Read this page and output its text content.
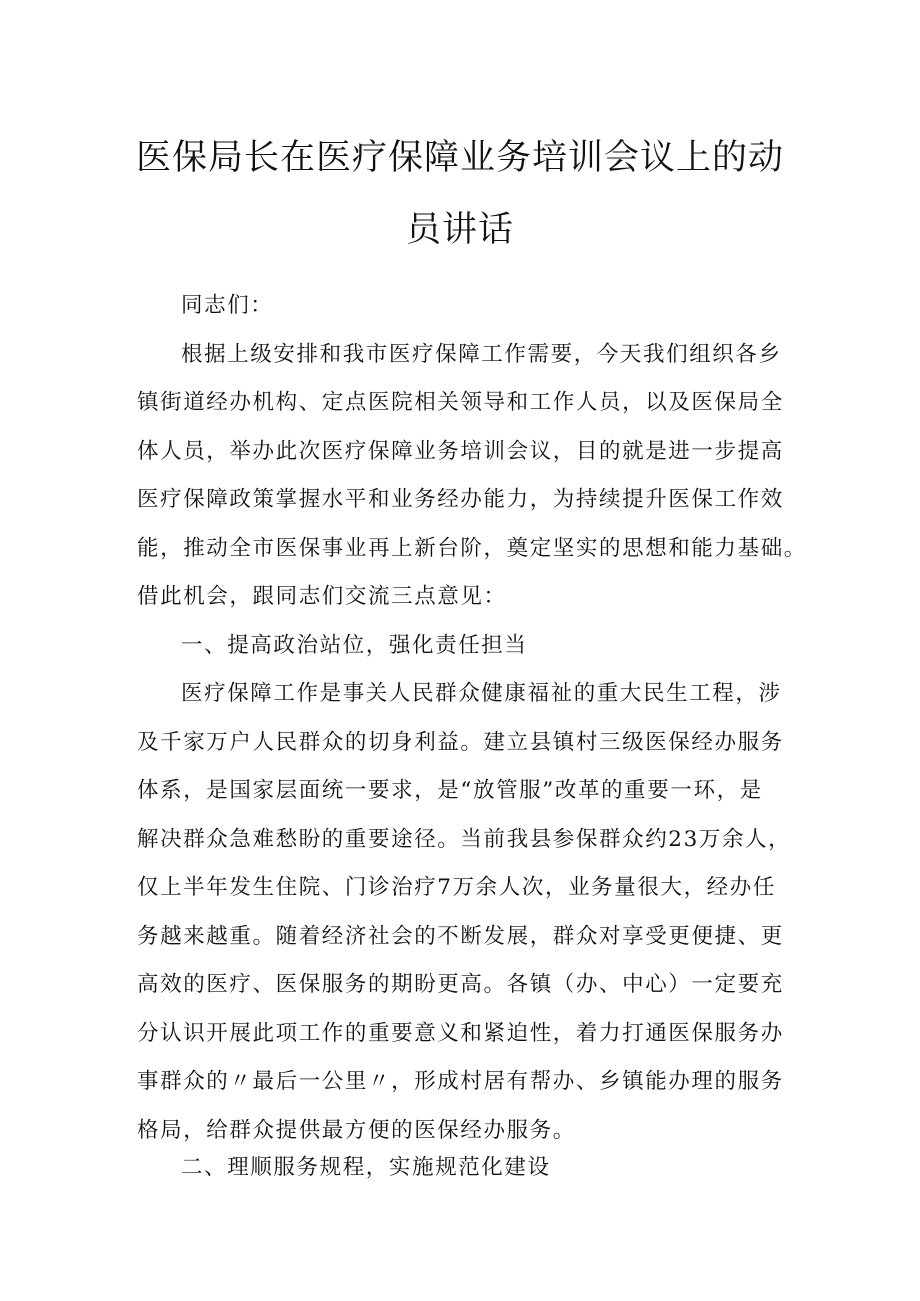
医保局长在医疗保障业务培训会议上的动
员讲话
同志们：
根据上级安排和我市医疗保障工作需要，今天我们组织各乡
镇街道经办机构、定点医院相关领导和工作人员，以及医保局全
体人员，举办此次医疗保障业务培训会议，目的就是进一步提高
医疗保障政策掌握水平和业务经办能力，为持续提升医保工作效
能，推动全市医保事业再上新台阶，奠定坚实的思想和能力基础。
借此机会，跟同志们交流三点意见：
一、提高政治站位，强化责任担当
医疗保障工作是事关人民群众健康福祉的重大民生工程，涉
及千家万户人民群众的切身利益。建立县镇村三级医保经办服务
体系，是国家层面统一要求，是“放管服”改革的重要一环，是
解决群众急难愁盼的重要途径。当前我县参保群众约23万余人，
仅上半年发生住院、门诊治疗7万余人次，业务量很大，经办任
务越来越重。随着经济社会的不断发展，群众对享受更便捷、更
高效的医疗、医保服务的期盼更高。各镇（办、中心）一定要充
分认识开展此项工作的重要意义和紧迫性，着力打通医保服务办
事群众的〃最后一公里〃，形成村居有帮办、乡镇能办理的服务
格局，给群众提供最方便的医保经办服务。
二、理顺服务规程，实施规范化建设
